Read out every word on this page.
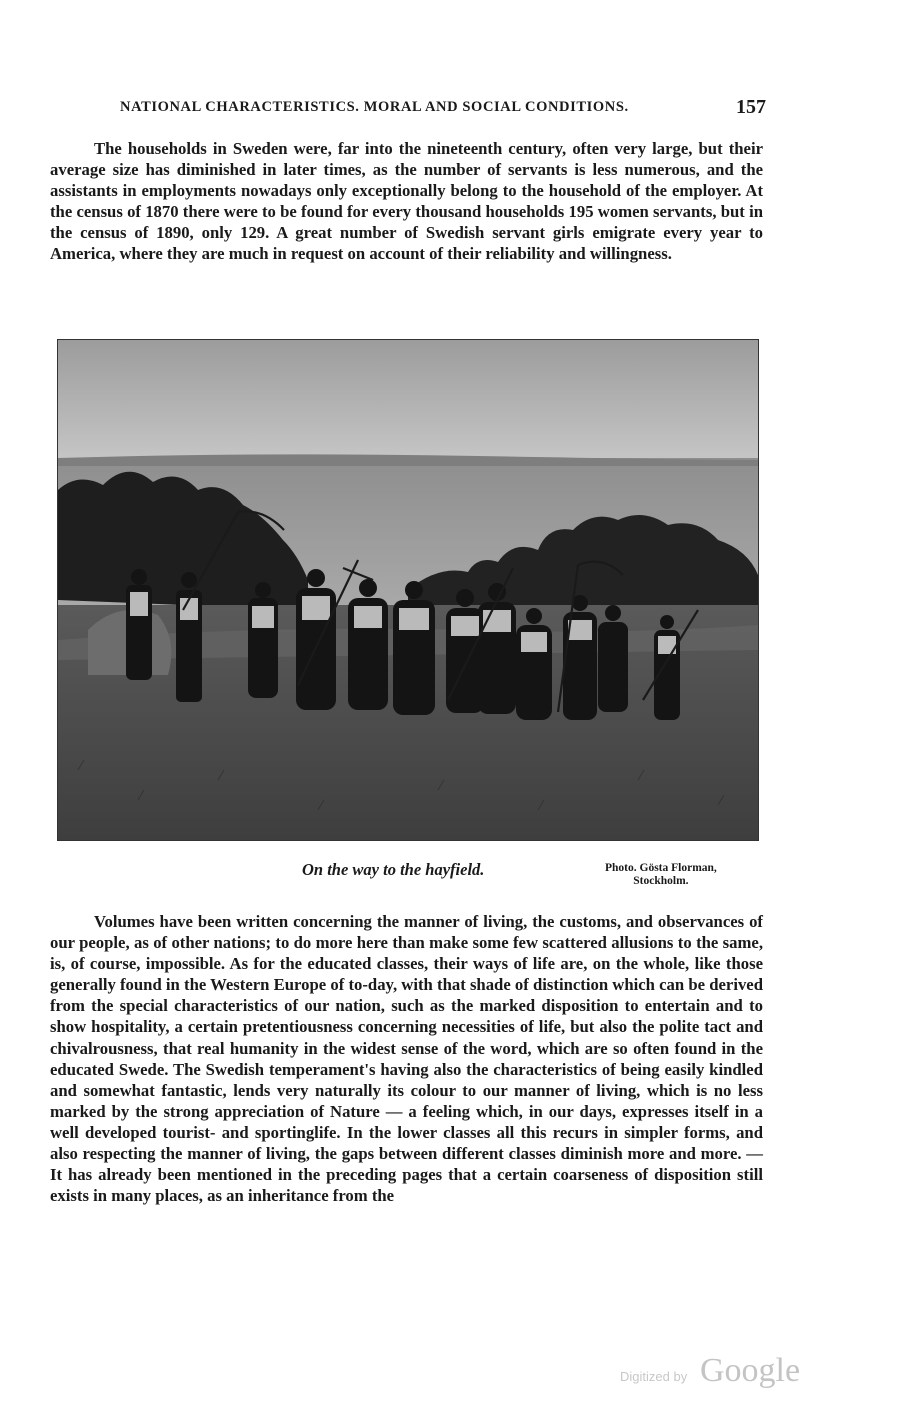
NATIONAL CHARACTERISTICS. MORAL AND SOCIAL CONDITIONS.	157

The households in Sweden were, far into the nineteenth century, often very large, but their average size has diminished in later times, as the number of servants is less numerous, and the assistants in employments nowadays only exceptionally belong to the household of the employer. At the census of 1870 there were to be found for every thousand households 195 women servants, but in the census of 1890, only 129. A great number of Swedish servant girls emigrate every year to America, where they are much in request on account of their reliability and willingness.

On the way to the hayfield.	Photo. Gösta Florman,
Stockholm.

Volumes have been written concerning the manner of living, the customs, and observances of our people, as of other nations; to do more here than make some few scattered allusions to the same, is, of course, impossible. As for the educated classes, their ways of life are, on the whole, like those generally found in the Western Europe of to-day, with that shade of distinction which can be derived from the special characteristics of our nation, such as the marked disposition to entertain and to show hospitality, a certain pretentiousness concerning necessities of life, but also the polite tact and chivalrousness, that real humanity in the widest sense of the word, which are so often found in the educated Swede. The Swedish temperament's having also the characteristics of being easily kindled and somewhat fantastic, lends very naturally its colour to our manner of living, which is no less marked by the strong appreciation of Nature — a feeling which, in our days, expresses itself in a well developed tourist- and sportinglife. In the lower classes all this recurs in simpler forms, and also respecting the manner of living, the gaps between different classes diminish more and more. — It has already been mentioned in the preceding pages that a certain coarseness of disposition still exists in many places, as an inheritance from the

Digitized by Google
